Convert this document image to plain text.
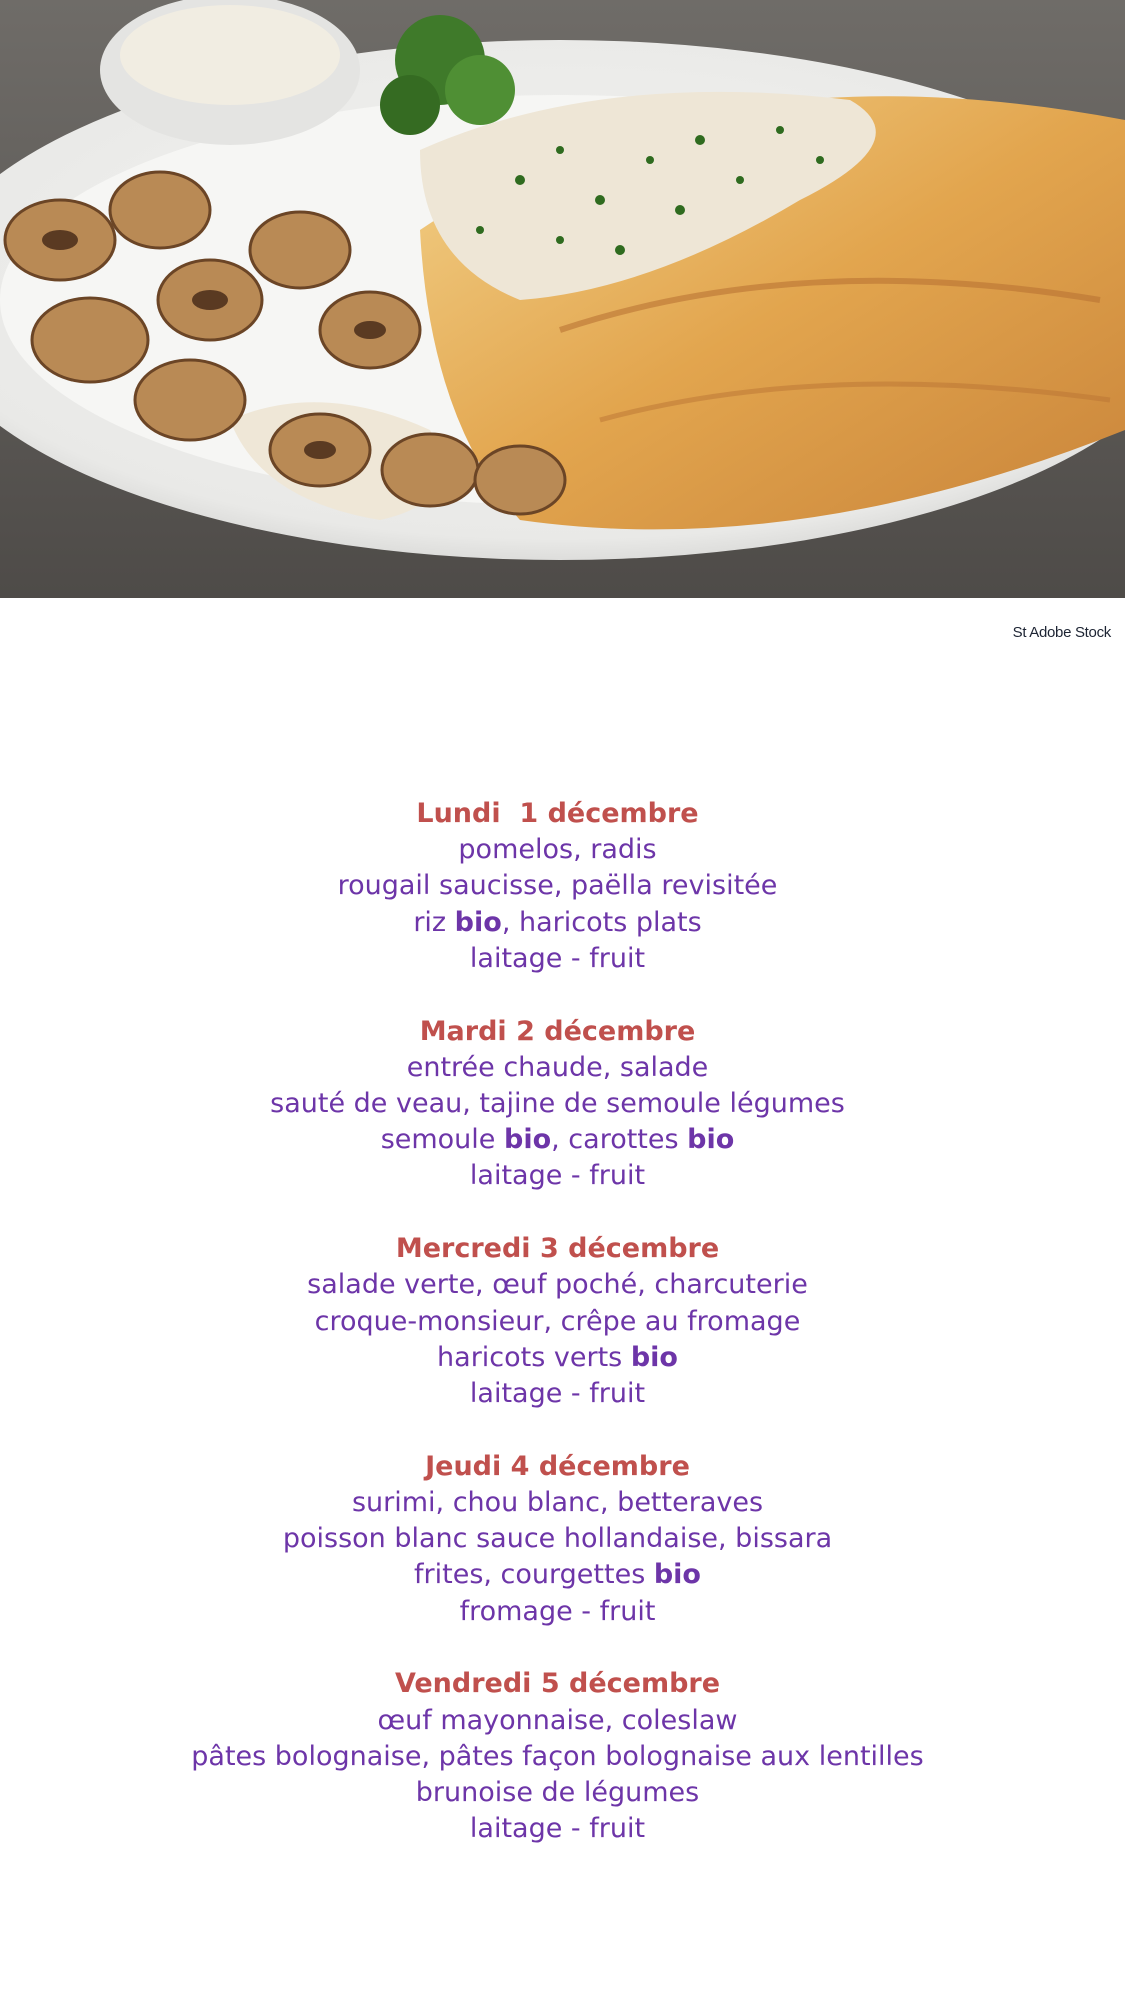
St Adobe Stock
Lundi  1 décembre
pomelos, radis
rougail saucisse, paëlla revisitée
riz bio, haricots plats
laitage - fruit
Mardi 2 décembre
entrée chaude, salade
sauté de veau, tajine de semoule légumes
semoule bio, carottes bio
laitage - fruit
Mercredi 3 décembre
salade verte, œuf poché, charcuterie
croque-monsieur, crêpe au fromage
haricots verts bio
laitage - fruit
Jeudi 4 décembre
surimi, chou blanc, betteraves
poisson blanc sauce hollandaise, bissara
frites, courgettes bio
fromage - fruit
Vendredi 5 décembre
œuf mayonnaise, coleslaw
pâtes bolognaise, pâtes façon bolognaise aux lentilles
brunoise de légumes
laitage - fruit
